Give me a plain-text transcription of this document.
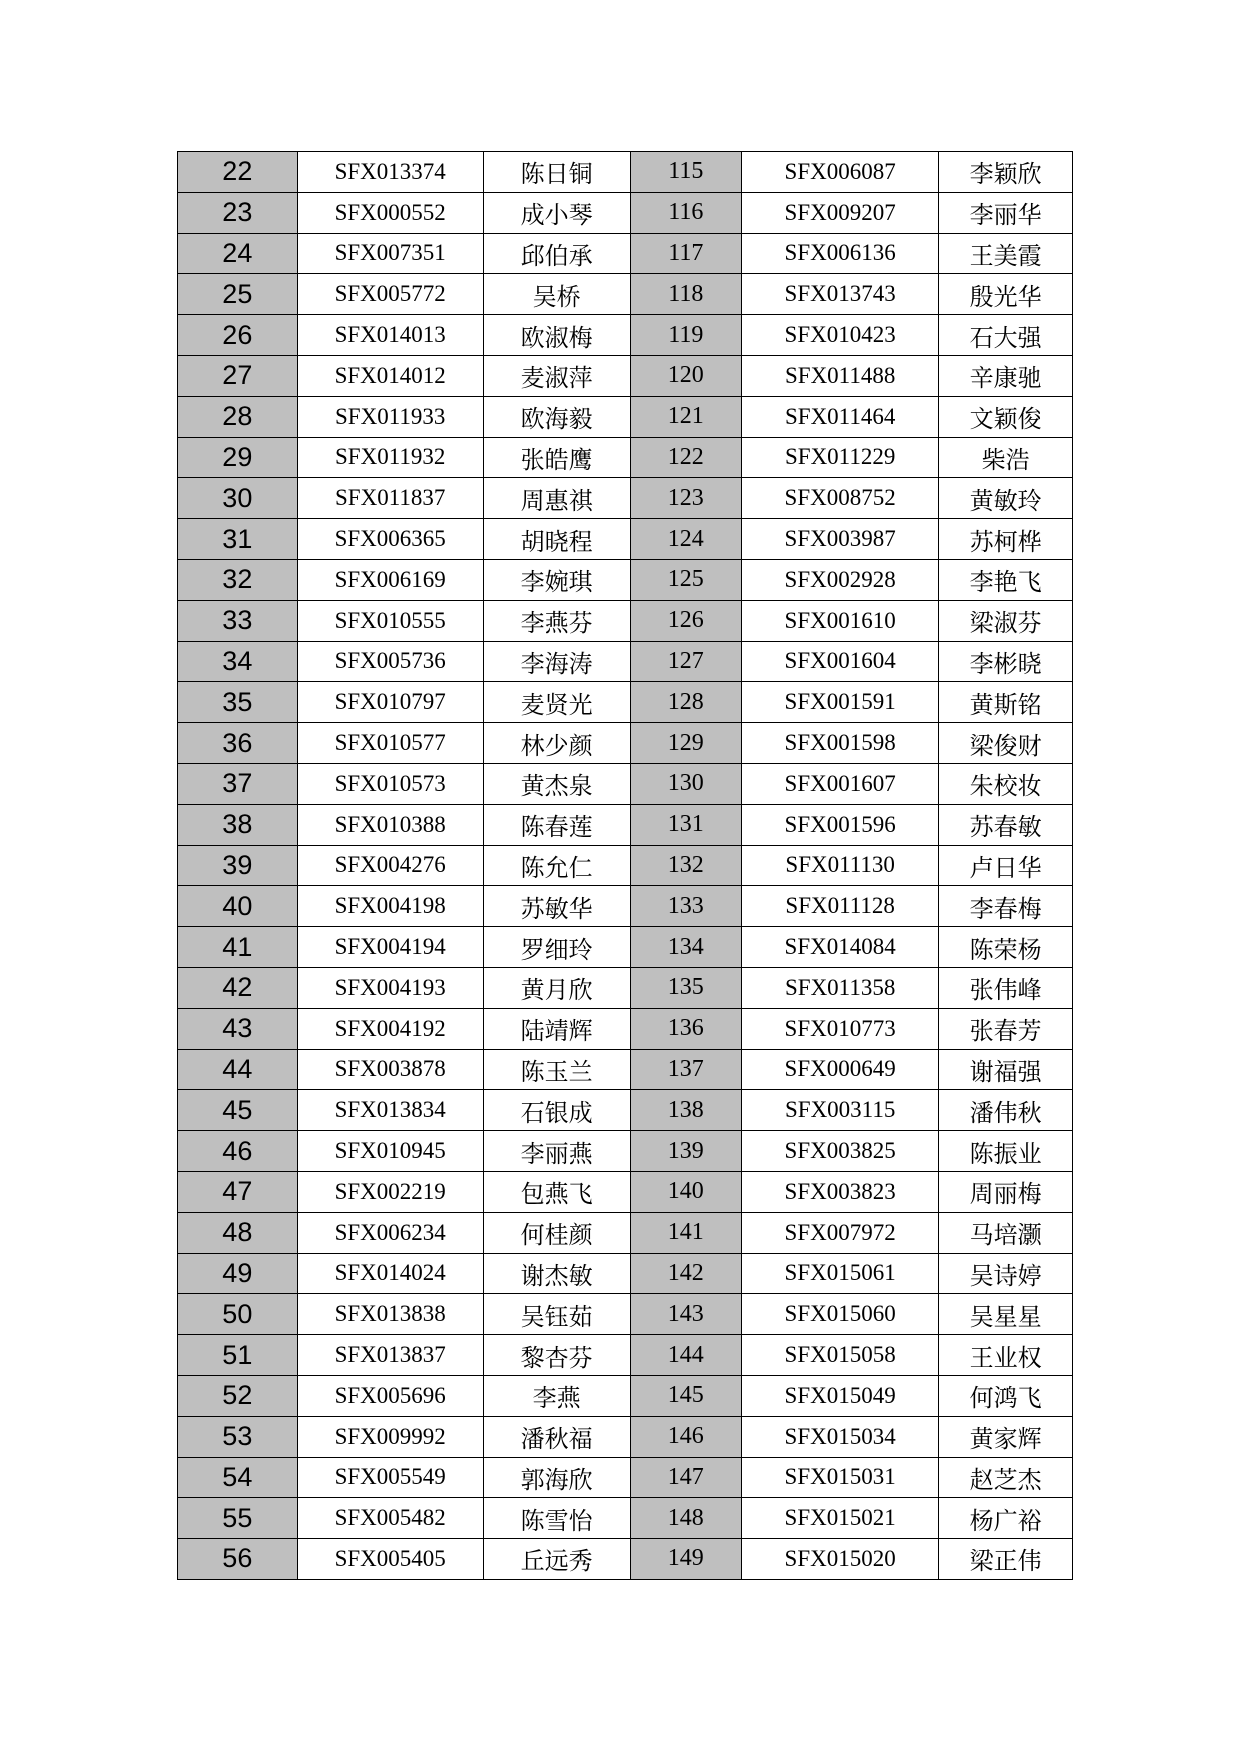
22	SFX013374	陈日铜	115	SFX006087	李颖欣
23	SFX000552	成小琴	116	SFX009207	李丽华
24	SFX007351	邱伯承	117	SFX006136	王美霞
25	SFX005772	吴桥	118	SFX013743	殷光华
26	SFX014013	欧淑梅	119	SFX010423	石大强
27	SFX014012	麦淑萍	120	SFX011488	辛康驰
28	SFX011933	欧海毅	121	SFX011464	文颖俊
29	SFX011932	张皓鹰	122	SFX011229	柴浩
30	SFX011837	周惠祺	123	SFX008752	黄敏玲
31	SFX006365	胡晓程	124	SFX003987	苏柯桦
32	SFX006169	李婉琪	125	SFX002928	李艳飞
33	SFX010555	李燕芬	126	SFX001610	梁淑芬
34	SFX005736	李海涛	127	SFX001604	李彬晓
35	SFX010797	麦贤光	128	SFX001591	黄斯铭
36	SFX010577	林少颜	129	SFX001598	梁俊财
37	SFX010573	黄杰泉	130	SFX001607	朱校妆
38	SFX010388	陈春莲	131	SFX001596	苏春敏
39	SFX004276	陈允仁	132	SFX011130	卢日华
40	SFX004198	苏敏华	133	SFX011128	李春梅
41	SFX004194	罗细玲	134	SFX014084	陈荣杨
42	SFX004193	黄月欣	135	SFX011358	张伟峰
43	SFX004192	陆靖辉	136	SFX010773	张春芳
44	SFX003878	陈玉兰	137	SFX000649	谢福强
45	SFX013834	石银成	138	SFX003115	潘伟秋
46	SFX010945	李丽燕	139	SFX003825	陈振业
47	SFX002219	包燕飞	140	SFX003823	周丽梅
48	SFX006234	何桂颜	141	SFX007972	马培灏
49	SFX014024	谢杰敏	142	SFX015061	吴诗婷
50	SFX013838	吴钰茹	143	SFX015060	吴星星
51	SFX013837	黎杏芬	144	SFX015058	王业权
52	SFX005696	李燕	145	SFX015049	何鸿飞
53	SFX009992	潘秋福	146	SFX015034	黄家辉
54	SFX005549	郭海欣	147	SFX015031	赵芝杰
55	SFX005482	陈雪怡	148	SFX015021	杨广裕
56	SFX005405	丘远秀	149	SFX015020	梁正伟
